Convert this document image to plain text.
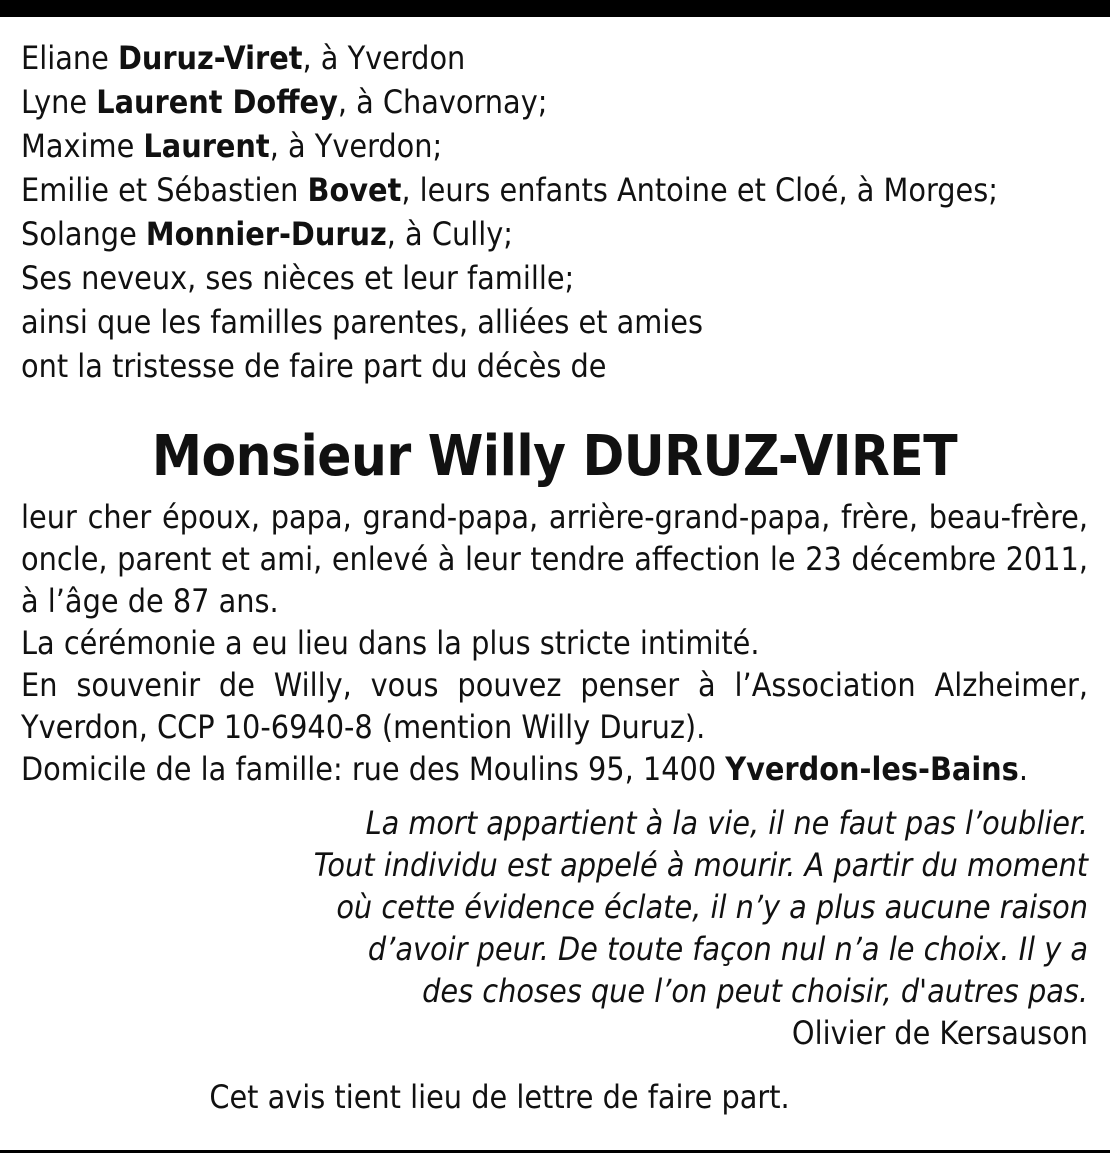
Eliane Duruz-Viret, à Yverdon
Lyne Laurent Doffey, à Chavornay;
Maxime Laurent, à Yverdon;
Emilie et Sébastien Bovet, leurs enfants Antoine et Cloé, à Morges;
Solange Monnier-Duruz, à Cully;
Ses neveux, ses nièces et leur famille;
ainsi que les familles parentes, alliées et amies
ont la tristesse de faire part du décès de
Monsieur Willy DURUZ-VIRET
leur cher époux, papa, grand-papa, arrière-grand-papa, frère, beau-frère, oncle, parent et ami, enlevé à leur tendre affection le 23 décembre 2011, à l’âge de 87 ans.
La cérémonie a eu lieu dans la plus stricte intimité.
En souvenir de Willy, vous pouvez penser à l’Association Alzheimer, Yverdon, CCP 10-6940-8 (mention Willy Duruz).
Domicile de la famille: rue des Moulins 95, 1400 Yverdon-les-Bains.
La mort appartient à la vie, il ne faut pas l’oublier.
Tout individu est appelé à mourir. A partir du moment
où cette évidence éclate, il n’y a plus aucune raison
d’avoir peur. De toute façon nul n’a le choix. Il y a
des choses que l’on peut choisir, d'autres pas.
Olivier de Kersauson
Cet avis tient lieu de lettre de faire part.
